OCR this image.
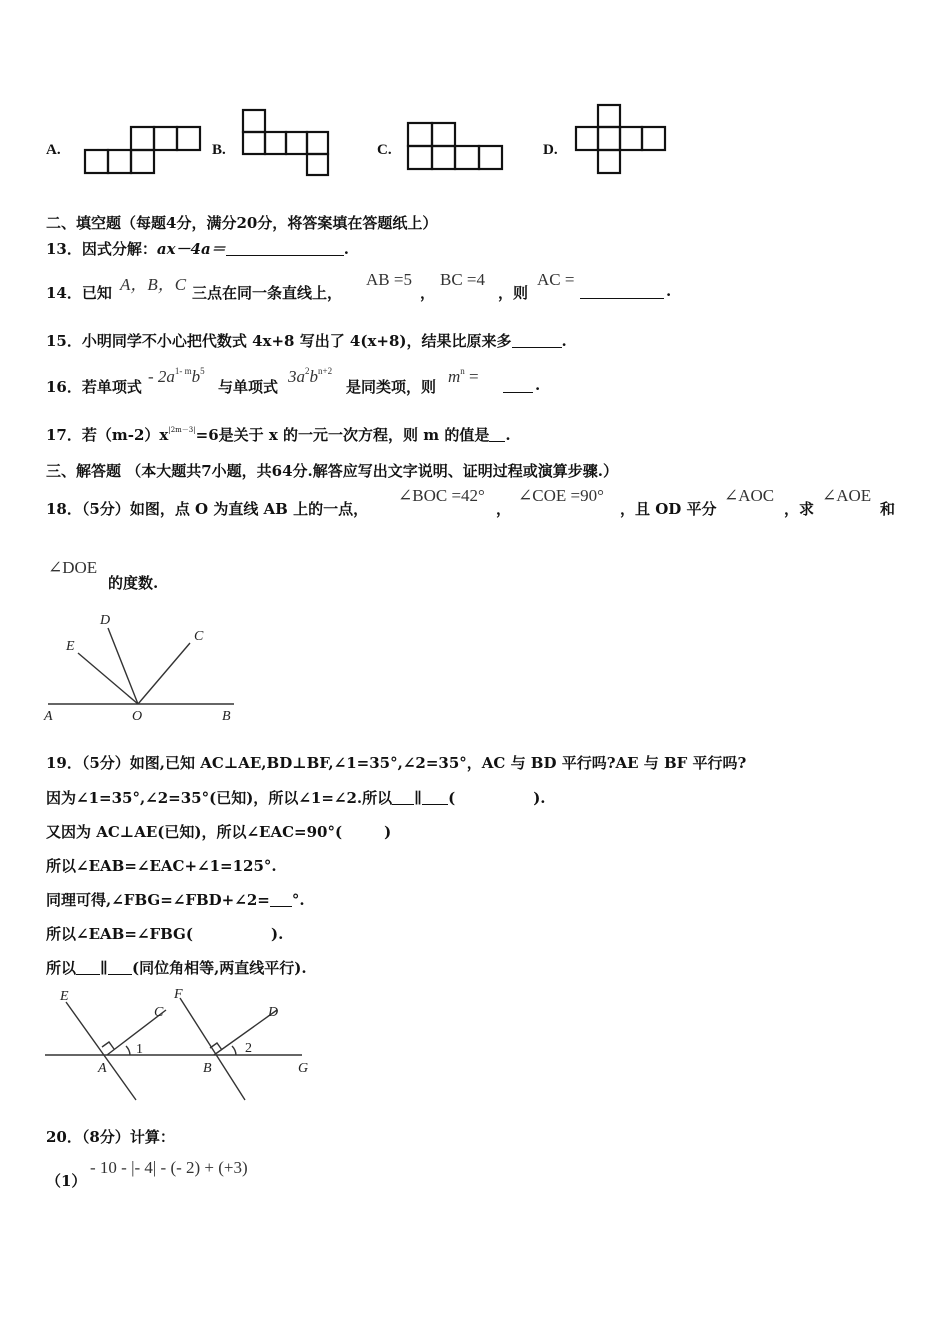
A.	B.	C.	D.
二、填空题（每题4分，满分20分，将答案填在答题纸上）
13．因式分解：ax－4a＝	.
14．已知 A，B，C 三点在同一条直线上，
AB =5
，
BC =4
，则
AC =
.
15．小明同学不小心把代数式 4x+8 写出了 4(x+8)，结果比原来多	.
16．若单项式
- $2a^{1- m}b^5$
与单项式
$3a^2b^{n+2}$
是同类项，则
$m^n$ =	.
17．若$(m-2)x^{|2m-3|}=6$是关于 x 的一元一次方程，则 m 的值是 .
三、解答题 （本大题共7小题，共64分.解答应写出文字说明、证明过程或演算步骤.）
18．（5分）如图，点 O 为直线 AB 上的一点，
∠BOC =42°
，
∠COE =90°
，且 OD 平分
∠AOC
，求
∠AOE
和
∠DOE
的度数.
E
D
C
A	O	B
19．（5分）如图,已知 AC⊥AE,BD⊥BF,∠1=35°,∠2=35°，AC 与 BD 平行吗?AE 与 BF 平行吗?
因为∠1=35°,∠2=35°(已知)，所以∠1=∠2.所以 ∥ (	).
又因为 AC⊥AE(已知)，所以∠EAC=90°(	)
所以∠EAB=∠EAC+∠1=125°.
同理可得,∠FBG=∠FBD+∠2= °.
所以∠EAB=∠FBG(	).
所以 ∥ (同位角相等,两直线平行).
E
C
1
A
F
D
2
B	G
20．（8分）计算：
（1）
- 10 - |- 4| - (- 2) + (+3)
